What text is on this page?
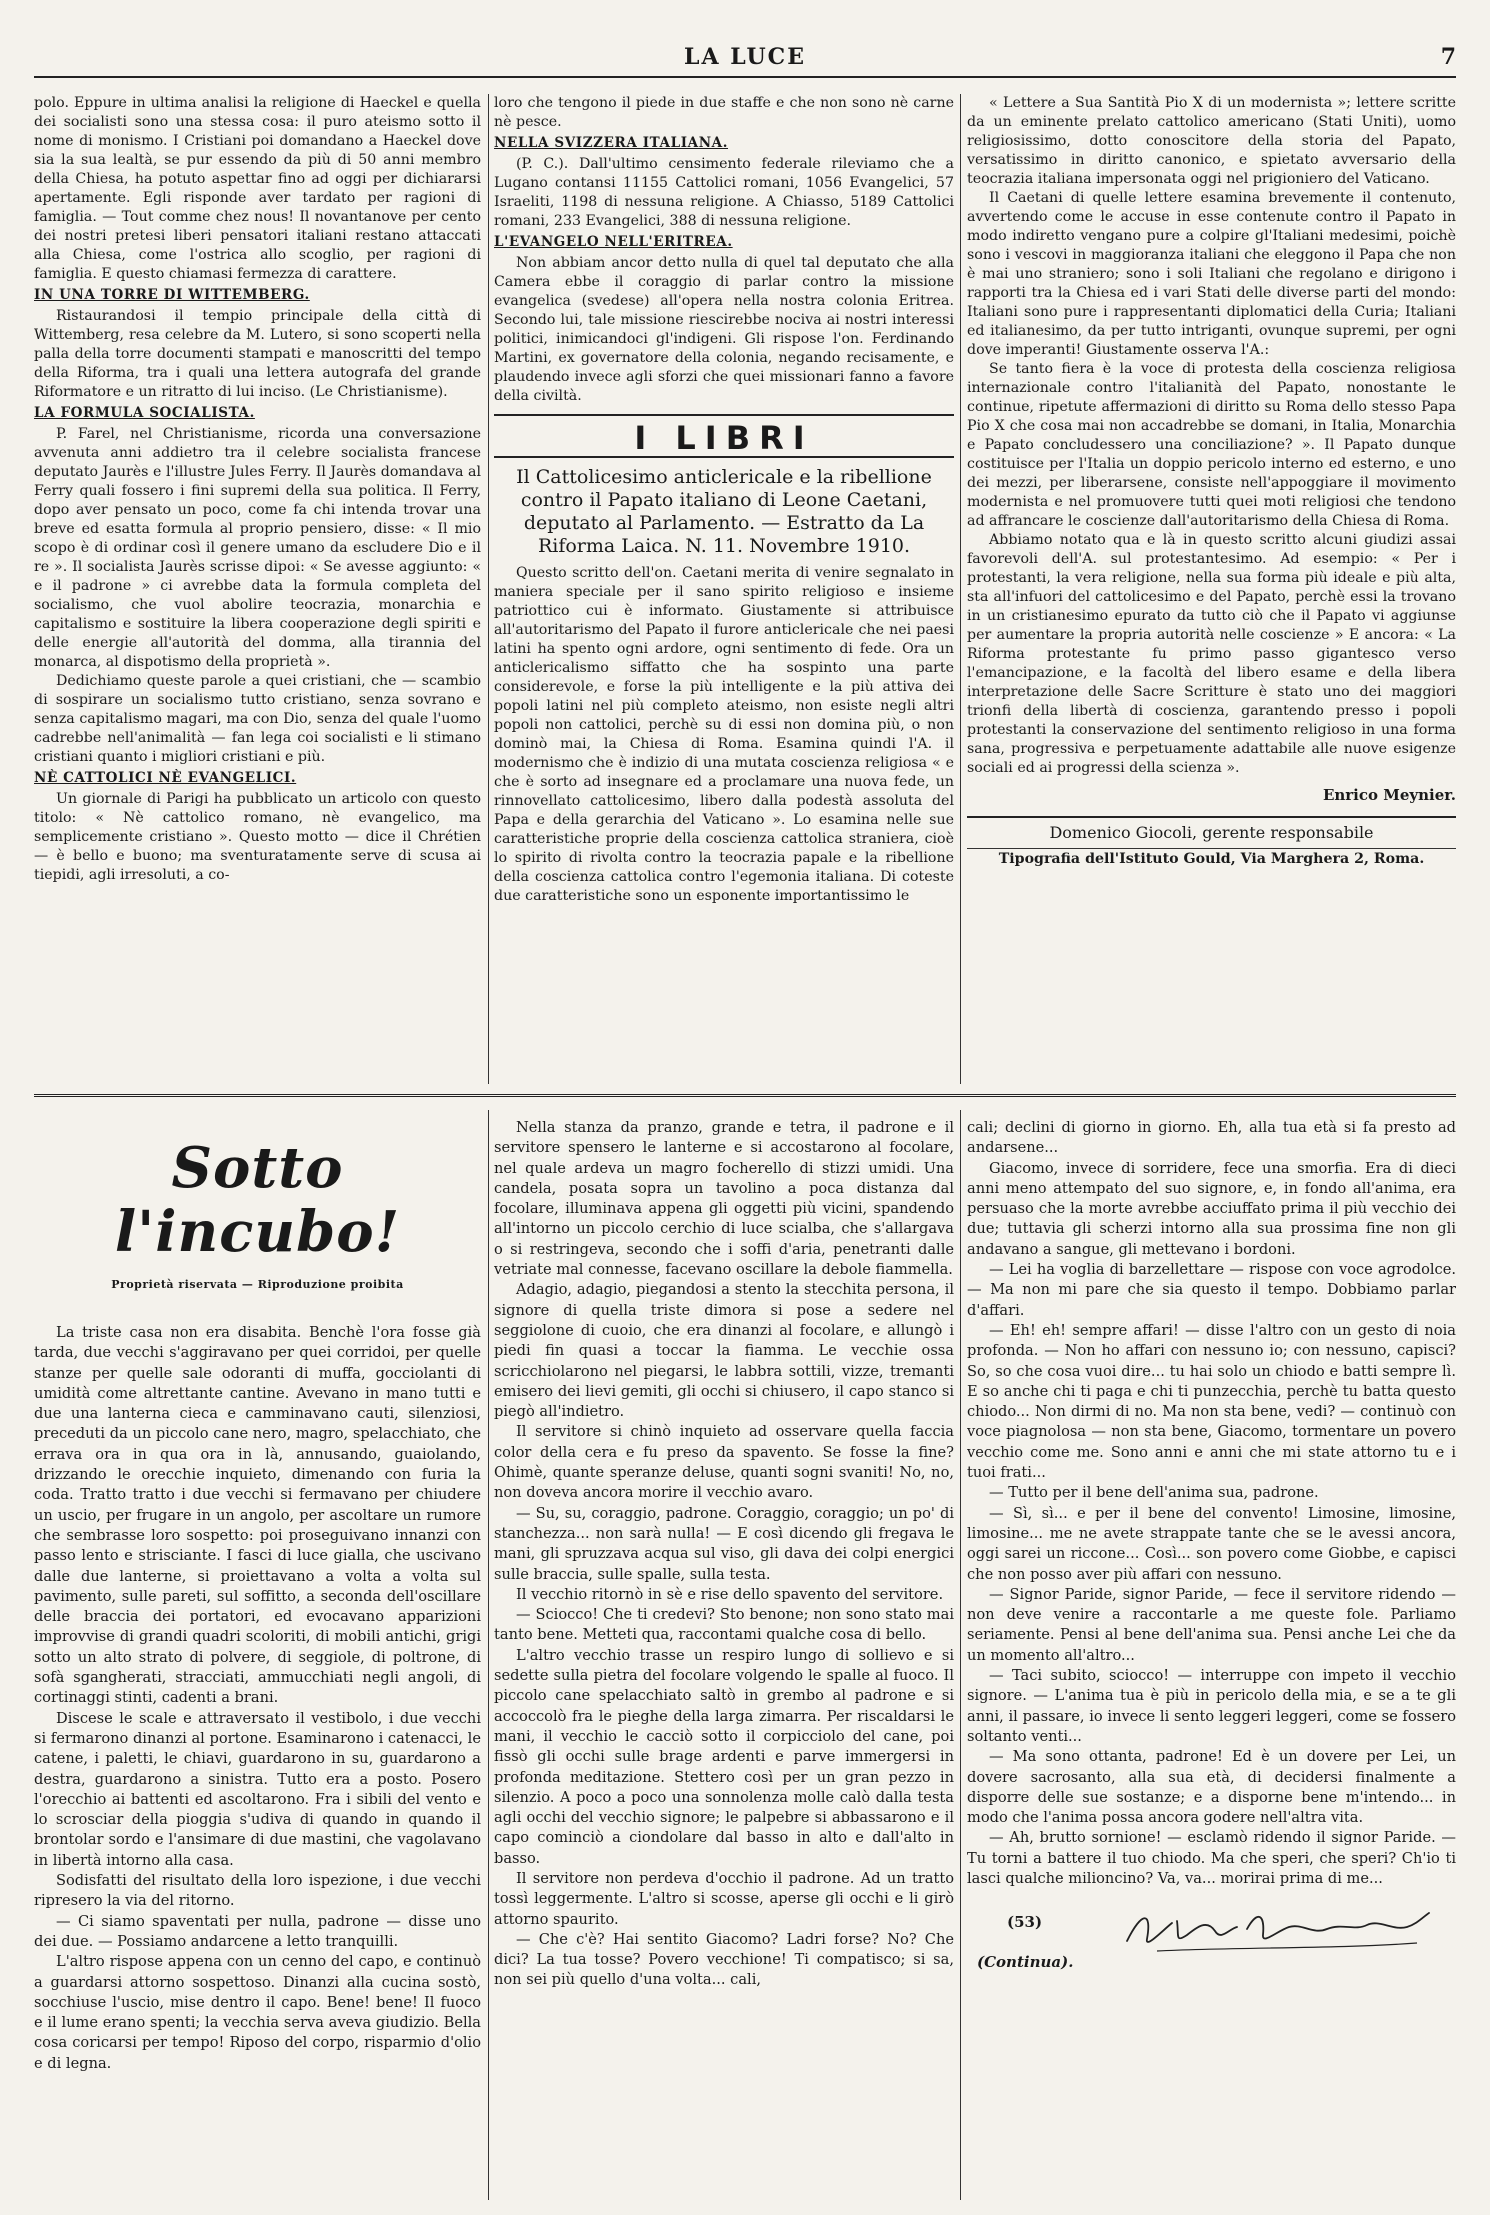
LA LUCE	7

polo. Eppure in ultima analisi la religione di Haeckel e quella dei socialisti sono una stessa cosa: il puro ateismo sotto il nome di monismo. I Cristiani poi domandano a Haeckel dove sia la sua lealtà, se pur essendo da più di 50 anni membro della Chiesa, ha potuto aspettar fino ad oggi per dichiararsi apertamente. Egli risponde aver tardato per ragioni di famiglia. — Tout comme chez nous! Il novantanove per cento dei nostri pretesi liberi pensatori italiani restano attaccati alla Chiesa, come l'ostrica allo scoglio, per ragioni di famiglia. E questo chiamasi fermezza di carattere.

IN UNA TORRE DI WITTEMBERG.

Ristaurandosi il tempio principale della città di Wittemberg, resa celebre da M. Lutero, si sono scoperti nella palla della torre documenti stampati e manoscritti del tempo della Riforma, tra i quali una lettera autografa del grande Riformatore e un ritratto di lui inciso. (Le Christianisme).

LA FORMULA SOCIALISTA.

P. Farel, nel Christianisme, ricorda una conversazione avvenuta anni addietro tra il celebre socialista francese deputato Jaurès e l'illustre Jules Ferry. Il Jaurès domandava al Ferry quali fossero i fini supremi della sua politica. Il Ferry, dopo aver pensato un poco, come fa chi intenda trovar una breve ed esatta formula al proprio pensiero, disse: « Il mio scopo è di ordinar così il genere umano da escludere Dio e il re ». Il socialista Jaurès scrisse dipoi: « Se avesse aggiunto: « e il padrone » ci avrebbe data la formula completa del socialismo, che vuol abolire teocrazia, monarchia e capitalismo e sostituire la libera cooperazione degli spiriti e delle energie all'autorità del domma, alla tirannia del monarca, al dispotismo della proprietà ».

Dedichiamo queste parole a quei cristiani, che — scambio di sospirare un socialismo tutto cristiano, senza sovrano e senza capitalismo magari, ma con Dio, senza del quale l'uomo cadrebbe nell'animalità — fan lega coi socialisti e li stimano cristiani quanto i migliori cristiani e più.

NÈ CATTOLICI NÈ EVANGELICI.

Un giornale di Parigi ha pubblicato un articolo con questo titolo: « Nè cattolico romano, nè evangelico, ma semplicemente cristiano ». Questo motto — dice il Chrétien — è bello e buono; ma sventuratamente serve di scusa ai tiepidi, agli irresoluti, a co-

loro che tengono il piede in due staffe e che non sono nè carne nè pesce.

NELLA SVIZZERA ITALIANA.

(P. C.). Dall'ultimo censimento federale rileviamo che a Lugano contansi 11155 Cattolici romani, 1056 Evangelici, 57 Israeliti, 1198 di nessuna religione. A Chiasso, 5189 Cattolici romani, 233 Evangelici, 388 di nessuna religione.

L'EVANGELO NELL'ERITREA.

Non abbiam ancor detto nulla di quel tal deputato che alla Camera ebbe il coraggio di parlar contro la missione evangelica (svedese) all'opera nella nostra colonia Eritrea. Secondo lui, tale missione riescirebbe nociva ai nostri interessi politici, inimicandoci gl'indigeni. Gli rispose l'on. Ferdinando Martini, ex governatore della colonia, negando recisamente, e plaudendo invece agli sforzi che quei missionari fanno a favore della civiltà.

I LIBRI
Il Cattolicesimo anticlericale e la ribellione contro il Papato italiano di Leone Caetani, deputato al Parlamento. — Estratto da La Riforma Laica. N. 11. Novembre 1910.

Questo scritto dell'on. Caetani merita di venire segnalato in maniera speciale per il sano spirito religioso e insieme patriottico cui è informato. Giustamente si attribuisce all'autoritarismo del Papato il furore anticlericale che nei paesi latini ha spento ogni ardore, ogni sentimento di fede. Ora un anticlericalismo siffatto che ha sospinto una parte considerevole, e forse la più intelligente e la più attiva dei popoli latini nel più completo ateismo, non esiste negli altri popoli non cattolici, perchè su di essi non domina più, o non dominò mai, la Chiesa di Roma. Esamina quindi l'A. il modernismo che è indizio di una mutata coscienza religiosa « e che è sorto ad insegnare ed a proclamare una nuova fede, un rinnovellato cattolicesimo, libero dalla podestà assoluta del Papa e della gerarchia del Vaticano ». Lo esamina nelle sue caratteristiche proprie della coscienza cattolica straniera, cioè lo spirito di rivolta contro la teocrazia papale e la ribellione della coscienza cattolica contro l'egemonia italiana. Di coteste due caratteristiche sono un esponente importantissimo le

« Lettere a Sua Santità Pio X di un modernista »; lettere scritte da un eminente prelato cattolico americano (Stati Uniti), uomo religiosissimo, dotto conoscitore della storia del Papato, versatissimo in diritto canonico, e spietato avversario della teocrazia italiana impersonata oggi nel prigioniero del Vaticano.

Il Caetani di quelle lettere esamina brevemente il contenuto, avvertendo come le accuse in esse contenute contro il Papato in modo indiretto vengano pure a colpire gl'Italiani medesimi, poichè sono i vescovi in maggioranza italiani che eleggono il Papa che non è mai uno straniero; sono i soli Italiani che regolano e dirigono i rapporti tra la Chiesa ed i vari Stati delle diverse parti del mondo: Italiani sono pure i rappresentanti diplomatici della Curia; Italiani ed italianesimo, da per tutto intriganti, ovunque supremi, per ogni dove imperanti! Giustamente osserva l'A.:

Se tanto fiera è la voce di protesta della coscienza religiosa internazionale contro l'italianità del Papato, nonostante le continue, ripetute affermazioni di diritto su Roma dello stesso Papa Pio X che cosa mai non accadrebbe se domani, in Italia, Monarchia e Papato concludessero una conciliazione? ». Il Papato dunque costituisce per l'Italia un doppio pericolo interno ed esterno, e uno dei mezzi, per liberarsene, consiste nell'appoggiare il movimento modernista e nel promuovere tutti quei moti religiosi che tendono ad affrancare le coscienze dall'autoritarismo della Chiesa di Roma.

Abbiamo notato qua e là in questo scritto alcuni giudizi assai favorevoli dell'A. sul protestantesimo. Ad esempio: « Per i protestanti, la vera religione, nella sua forma più ideale e più alta, sta all'infuori del cattolicesimo e del Papato, perchè essi la trovano in un cristianesimo epurato da tutto ciò che il Papato vi aggiunse per aumentare la propria autorità nelle coscienze » E ancora: « La Riforma protestante fu primo passo gigantesco verso l'emancipazione, e la facoltà del libero esame e della libera interpretazione delle Sacre Scritture è stato uno dei maggiori trionfi della libertà di coscienza, garantendo presso i popoli protestanti la conservazione del sentimento religioso in una forma sana, progressiva e perpetuamente adattabile alle nuove esigenze sociali ed ai progressi della scienza ».

Enrico Meynier.
Domenico Giocoli, gerente responsabile
Tipografia dell'Istituto Gould, Via Marghera 2, Roma.
Sotto l'incubo!
Proprietà riservata — Riproduzione proibita

La triste casa non era disabita. Benchè l'ora fosse già tarda, due vecchi s'aggiravano per quei corridoi, per quelle stanze per quelle sale odoranti di muffa, gocciolanti di umidità come altrettante cantine. Avevano in mano tutti e due una lanterna cieca e camminavano cauti, silenziosi, preceduti da un piccolo cane nero, magro, spelacchiato, che errava ora in qua ora in là, annusando, guaiolando, drizzando le orecchie inquieto, dimenando con furia la coda. Tratto tratto i due vecchi si fermavano per chiudere un uscio, per frugare in un angolo, per ascoltare un rumore che sembrasse loro sospetto: poi proseguivano innanzi con passo lento e strisciante. I fasci di luce gialla, che uscivano dalle due lanterne, si proiettavano a volta a volta sul pavimento, sulle pareti, sul soffitto, a seconda dell'oscillare delle braccia dei portatori, ed evocavano apparizioni improvvise di grandi quadri scoloriti, di mobili antichi, grigi sotto un alto strato di polvere, di seggiole, di poltrone, di sofà sgangherati, stracciati, ammucchiati negli angoli, di cortinaggi stinti, cadenti a brani.

Discese le scale e attraversato il vestibolo, i due vecchi si fermarono dinanzi al portone. Esaminarono i catenacci, le catene, i paletti, le chiavi, guardarono in su, guardarono a destra, guardarono a sinistra. Tutto era a posto. Posero l'orecchio ai battenti ed ascoltarono. Fra i sibili del vento e lo scrosciar della pioggia s'udiva di quando in quando il brontolar sordo e l'ansimare di due mastini, che vagolavano in libertà intorno alla casa.

Sodisfatti del risultato della loro ispezione, i due vecchi ripresero la via del ritorno.

— Ci siamo spaventati per nulla, padrone — disse uno dei due. — Possiamo andarcene a letto tranquilli.

L'altro rispose appena con un cenno del capo, e continuò a guardarsi attorno sospettoso. Dinanzi alla cucina sostò, socchiuse l'uscio, mise dentro il capo. Bene! bene! Il fuoco e il lume erano spenti; la vecchia serva aveva giudizio. Bella cosa coricarsi per tempo! Riposo del corpo, risparmio d'olio e di legna.

Nella stanza da pranzo, grande e tetra, il padrone e il servitore spensero le lanterne e si accostarono al focolare, nel quale ardeva un magro focherello di stizzi umidi. Una candela, posata sopra un tavolino a poca distanza dal focolare, illuminava appena gli oggetti più vicini, spandendo all'intorno un piccolo cerchio di luce scialba, che s'allargava o si restringeva, secondo che i soffi d'aria, penetranti dalle vetriate mal connesse, facevano oscillare la debole fiammella.

Adagio, adagio, piegandosi a stento la stecchita persona, il signore di quella triste dimora si pose a sedere nel seggiolone di cuoio, che era dinanzi al focolare, e allungò i piedi fin quasi a toccar la fiamma. Le vecchie ossa scricchiolarono nel piegarsi, le labbra sottili, vizze, tremanti emisero dei lievi gemiti, gli occhi si chiusero, il capo stanco si piegò all'indietro.

Il servitore si chinò inquieto ad osservare quella faccia color della cera e fu preso da spavento. Se fosse la fine? Ohimè, quante speranze deluse, quanti sogni svaniti! No, no, non doveva ancora morire il vecchio avaro.

— Su, su, coraggio, padrone. Coraggio, coraggio; un po' di stanchezza... non sarà nulla! — E così dicendo gli fregava le mani, gli spruzzava acqua sul viso, gli dava dei colpi energici sulle braccia, sulle spalle, sulla testa.

Il vecchio ritornò in sè e rise dello spavento del servitore.

— Sciocco! Che ti credevi? Sto benone; non sono stato mai tanto bene. Metteti qua, raccontami qualche cosa di bello.

L'altro vecchio trasse un respiro lungo di sollievo e si sedette sulla pietra del focolare volgendo le spalle al fuoco. Il piccolo cane spelacchiato saltò in grembo al padrone e si accoccolò fra le pieghe della larga zimarra. Per riscaldarsi le mani, il vecchio le cacciò sotto il corpicciolo del cane, poi fissò gli occhi sulle brage ardenti e parve immergersi in profonda meditazione. Stettero così per un gran pezzo in silenzio. A poco a poco una sonnolenza molle calò dalla testa agli occhi del vecchio signore; le palpebre si abbassarono e il capo cominciò a ciondolare dal basso in alto e dall'alto in basso.

Il servitore non perdeva d'occhio il padrone. Ad un tratto tossì leggermente. L'altro si scosse, aperse gli occhi e li girò attorno spaurito.

— Che c'è? Hai sentito Giacomo? Ladri forse? No? Che dici? La tua tosse? Povero vecchione! Ti compatisco; si sa, non sei più quello d'una volta... cali,

cali; declini di giorno in giorno. Eh, alla tua età si fa presto ad andarsene...

Giacomo, invece di sorridere, fece una smorfia. Era di dieci anni meno attempato del suo signore, e, in fondo all'anima, era persuaso che la morte avrebbe acciuffato prima il più vecchio dei due; tuttavia gli scherzi intorno alla sua prossima fine non gli andavano a sangue, gli mettevano i bordoni.

— Lei ha voglia di barzellettare — rispose con voce agrodolce. — Ma non mi pare che sia questo il tempo. Dobbiamo parlar d'affari.

— Eh! eh! sempre affari! — disse l'altro con un gesto di noia profonda. — Non ho affari con nessuno io; con nessuno, capisci? So, so che cosa vuoi dire... tu hai solo un chiodo e batti sempre lì. E so anche chi ti paga e chi ti punzecchia, perchè tu batta questo chiodo... Non dirmi di no. Ma non sta bene, vedi? — continuò con voce piagnolosa — non sta bene, Giacomo, tormentare un povero vecchio come me. Sono anni e anni che mi state attorno tu e i tuoi frati...

— Tutto per il bene dell'anima sua, padrone.

— Sì, sì... e per il bene del convento! Limosine, limosine, limosine... me ne avete strappate tante che se le avessi ancora, oggi sarei un riccone... Così... son povero come Giobbe, e capisci che non posso aver più affari con nessuno.

— Signor Paride, signor Paride, — fece il servitore ridendo — non deve venire a raccontarle a me queste fole. Parliamo seriamente. Pensi al bene dell'anima sua. Pensi anche Lei che da un momento all'altro...

— Taci subito, sciocco! — interruppe con impeto il vecchio signore. — L'anima tua è più in pericolo della mia, e se a te gli anni, il passare, io invece li sento leggeri leggeri, come se fossero soltanto venti...

— Ma sono ottanta, padrone! Ed è un dovere per Lei, un dovere sacrosanto, alla sua età, di decidersi finalmente a disporre delle sue sostanze; e a disporne bene m'intendo... in modo che l'anima possa ancora godere nell'altra vita.

— Ah, brutto sornione! — esclamò ridendo il signor Paride. — Tu torni a battere il tuo chiodo. Ma che speri, che speri? Ch'io ti lasci qualche milioncino? Va, va... morirai prima di me...

(53)
(Continua).
